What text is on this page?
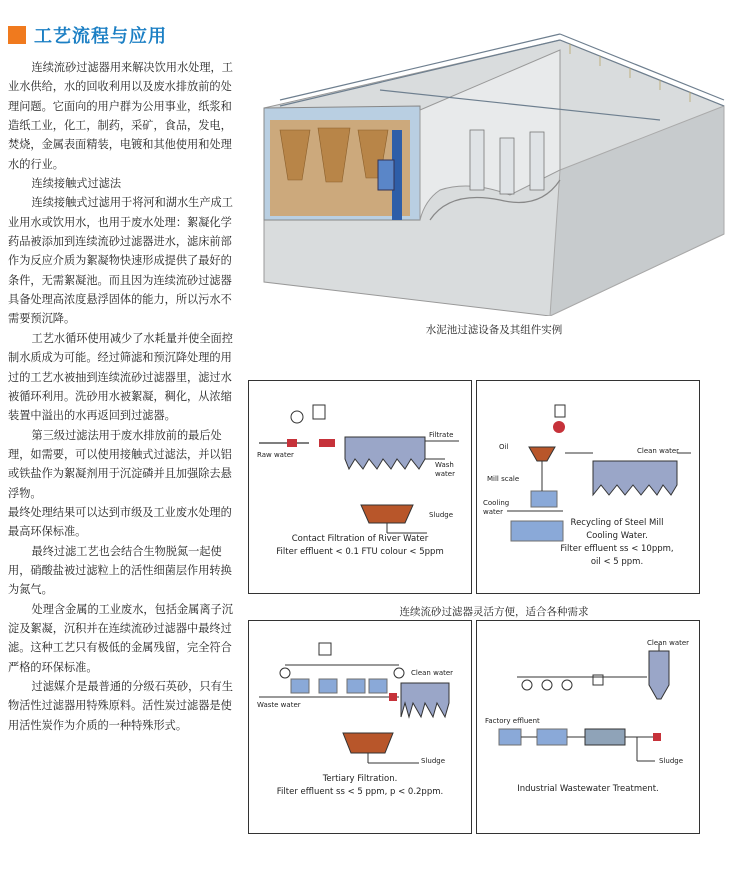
工艺流程与应用

连续流砂过滤器用来解决饮用水处理，工业水供给，水的回收利用以及废水排放前的处理问题。它面向的用户群为公用事业，纸浆和造纸工业，化工，制药，采矿，食品，发电，焚烧，金属表面精装，电镀和其他使用和处理水的行业。

连续接触式过滤法

连续接触式过滤用于将河和湖水生产成工业用水或饮用水，也用于废水处理：絮凝化学药品被添加到连续流砂过滤器进水，滤床前部作为反应介质为絮凝物快速形成提供了最好的条件，无需絮凝池。而且因为连续流砂过滤器具备处理高浓度悬浮固体的能力，所以污水不需要预沉降。

工艺水循环使用减少了水耗量并使全面控制水质成为可能。经过筛滤和预沉降处理的用过的工艺水被抽到连续流砂过滤器里，滤过水被循环利用。洗砂用水被絮凝，稠化，从浓缩装置中溢出的水再返回到过滤器。

第三级过滤法用于废水排放前的最后处理，如需要，可以使用接触式过滤法，并以铝或铁盐作为絮凝剂用于沉淀磷并且加强除去悬浮物。

最终处理结果可以达到市级及工业废水处理的最高环保标准。

最终过滤工艺也会结合生物脱氮一起使用，硝酸盐被过滤粒上的活性细菌层作用转换为氮气。

处理含金属的工业废水，包括金属离子沉淀及絮凝，沉积并在连续流砂过滤器中最终过滤。这种工艺只有极低的金属残留，完全符合严格的环保标准。

过滤媒介是最普通的分级石英砂，只有生物活性过滤器用特殊原料。活性炭过滤器是使用活性炭作为介质的一种特殊形式。

水泥池过滤设备及其组件实例
Raw water
Filtrate
Wash
water
Sludge
Contact Filtration of River Water
Filter effluent < 0.1 FTU colour < 5ppm
Clean water
Oil
Mill scale
Cooling
water
Recycling of Steel Mill
Cooling Water.
Filter effluent ss < 10ppm,
oil < 5 ppm.
连续流砂过滤器灵活方便，适合各种需求
Waste water
Clean water
Sludge
Tertiary Filtration.
Filter effluent ss < 5 ppm, p < 0.2ppm.
Clean water
Factory effluent
Sludge
Industrial Wastewater Treatment.
